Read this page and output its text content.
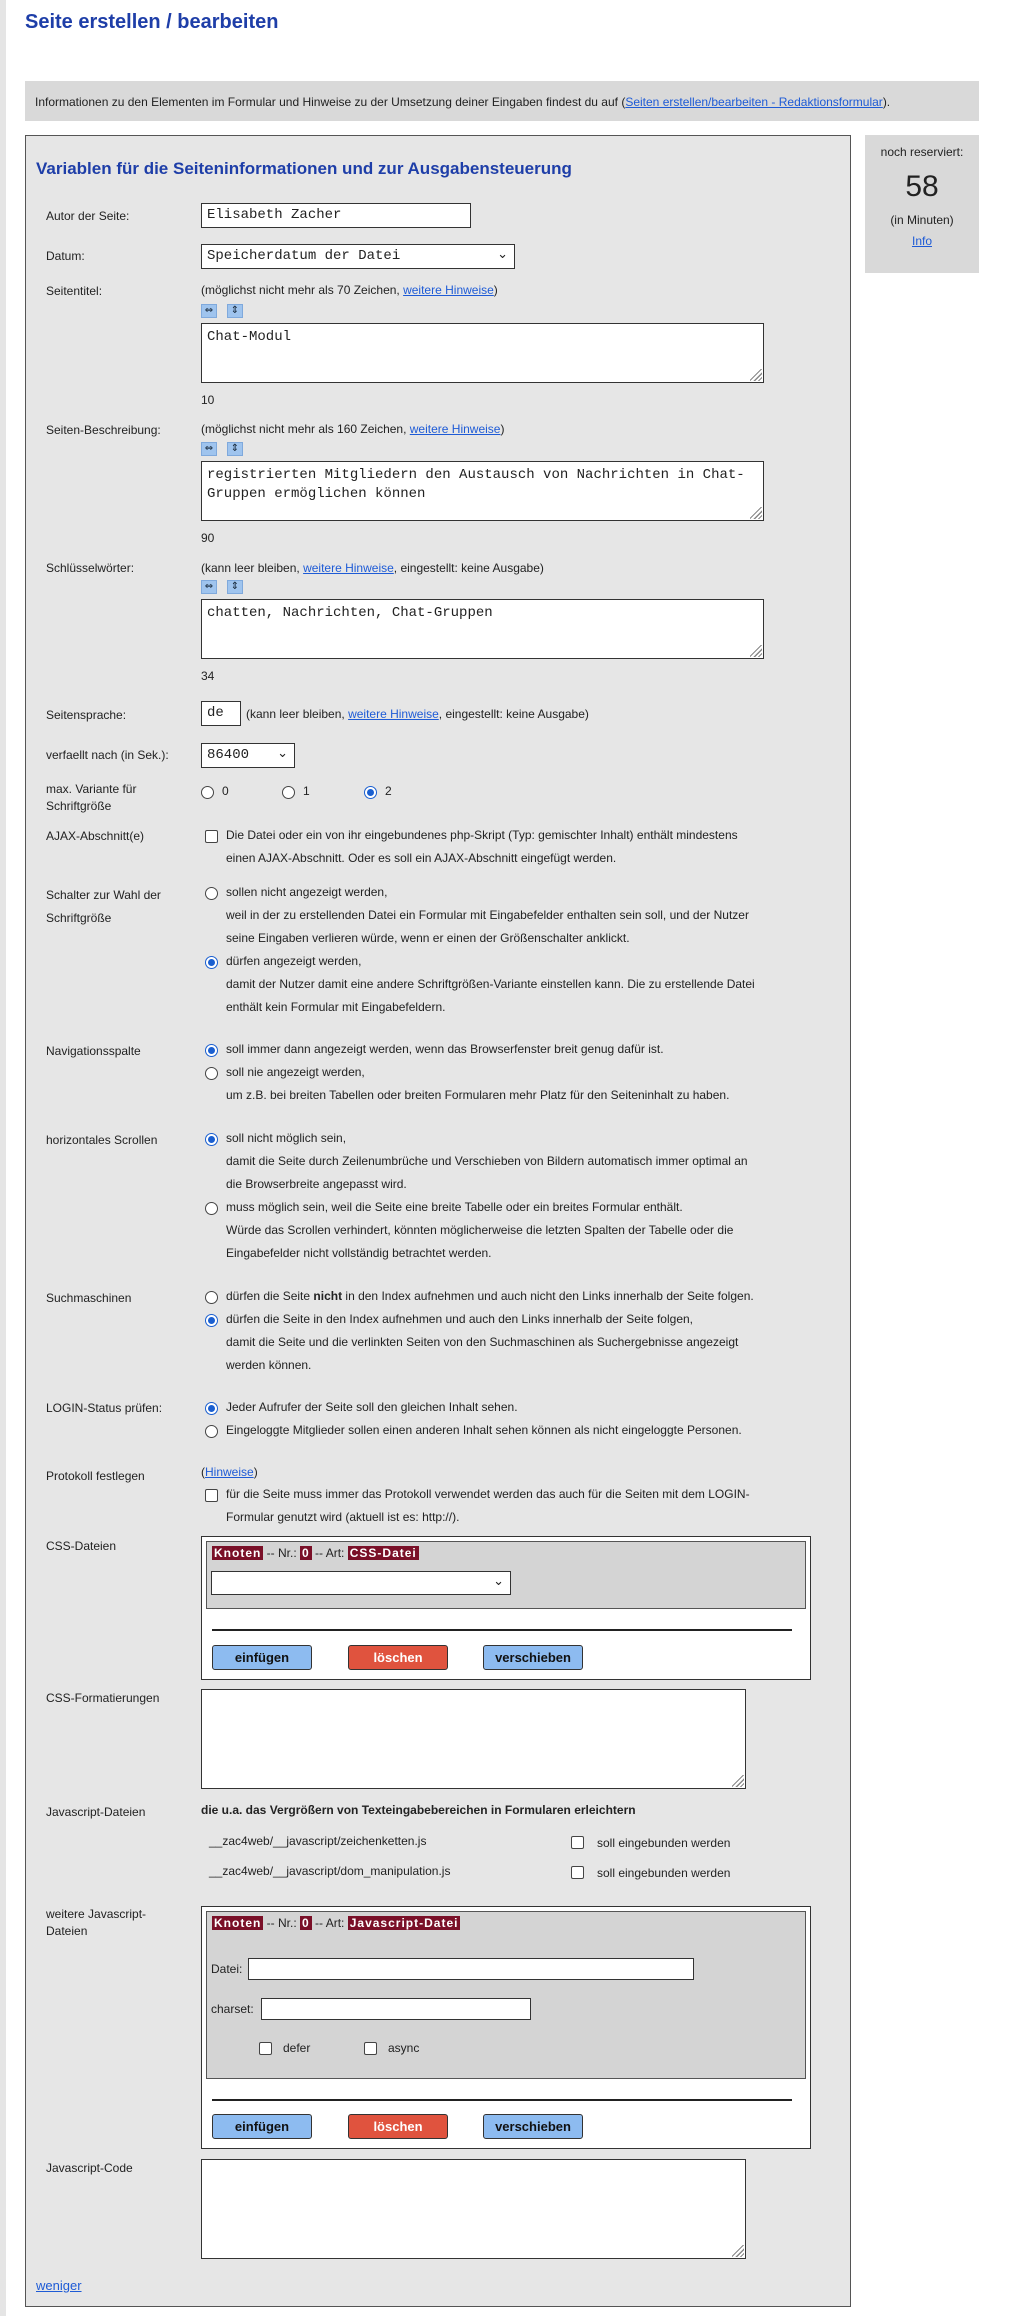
Seite erstellen / bearbeiten
Informationen zu den Elementen im Formular und Hinweise zu der Umsetzung deiner Eingaben findest du auf (Seiten erstellen/bearbeiten - Redaktionsformular).
noch reserviert:
58
(in Minuten)
Info
Variablen für die Seiteninformationen und zur Ausgabensteuerung
Autor der Seite:	Elisabeth Zacher
Datum:	Speicherdatum der Datei	⌄
Seitentitel:	(möglichst nicht mehr als 70 Zeichen, weitere Hinweise)
⇔	⇕
Chat-Modul
10
Seiten-Beschreibung:	(möglichst nicht mehr als 160 Zeichen, weitere Hinweise)
⇔	⇕
registrierten Mitgliedern den Austausch von Nachrichten in Chat-Gruppen ermöglichen können
90
Schlüsselwörter:	(kann leer bleiben, weitere Hinweise, eingestellt: keine Ausgabe)
⇔	⇕
chatten, Nachrichten, Chat-Gruppen
34
Seitensprache:	de	(kann leer bleiben, weitere Hinweise, eingestellt: keine Ausgabe)
verfaellt nach (in Sek.):	86400 ⌄
max. Variante für Schriftgröße
0	1	2
AJAX-Abschnitt(e)	Die Datei oder ein von ihr eingebundenes php-Skript (Typ: gemischter Inhalt) enthält mindestens
einen AJAX-Abschnitt. Oder es soll ein AJAX-Abschnitt eingefügt werden.
Schalter zur Wahl der Schriftgröße
sollen nicht angezeigt werden,
weil in der zu erstellenden Datei ein Formular mit Eingabefelder enthalten sein soll, und der Nutzer
seine Eingaben verlieren würde, wenn er einen der Größenschalter anklickt.
dürfen angezeigt werden,
damit der Nutzer damit eine andere Schriftgrößen-Variante einstellen kann. Die zu erstellende Datei
enthält kein Formular mit Eingabefeldern.
Navigationsspalte	soll immer dann angezeigt werden, wenn das Browserfenster breit genug dafür ist.
soll nie angezeigt werden,
um z.B. bei breiten Tabellen oder breiten Formularen mehr Platz für den Seiteninhalt zu haben.
horizontales Scrollen	soll nicht möglich sein,
damit die Seite durch Zeilenumbrüche und Verschieben von Bildern automatisch immer optimal an
die Browserbreite angepasst wird.
muss möglich sein, weil die Seite eine breite Tabelle oder ein breites Formular enthält.
Würde das Scrollen verhindert, könnten möglicherweise die letzten Spalten der Tabelle oder die
Eingabefelder nicht vollständig betrachtet werden.
Suchmaschinen	dürfen die Seite nicht in den Index aufnehmen und auch nicht den Links innerhalb der Seite folgen.
dürfen die Seite in den Index aufnehmen und auch den Links innerhalb der Seite folgen,
damit die Seite und die verlinkten Seiten von den Suchmaschinen als Suchergebnisse angezeigt
werden können.
LOGIN-Status prüfen:	Jeder Aufrufer der Seite soll den gleichen Inhalt sehen.
Eingeloggte Mitglieder sollen einen anderen Inhalt sehen können als nicht eingeloggte Personen.
Protokoll festlegen	(Hinweise)
für die Seite muss immer das Protokoll verwendet werden das auch für die Seiten mit dem LOGIN-
Formular genutzt wird (aktuell ist es: http://).
CSS-Dateien	Knoten -- Nr.: 0 -- Art: CSS-Datei
⌄
einfügen	löschen	verschieben
CSS-Formatierungen
Javascript-Dateien	die u.a. das Vergrößern von Texteingabebereichen in Formularen erleichtern
__zac4web/__javascript/zeichenketten.js	soll eingebunden werden
__zac4web/__javascript/dom_manipulation.js	soll eingebunden werden
weitere Javascript-Dateien
Knoten -- Nr.: 0 -- Art: Javascript-Datei
Datei:
charset:
defer	async
einfügen	löschen	verschieben
Javascript-Code
weniger
